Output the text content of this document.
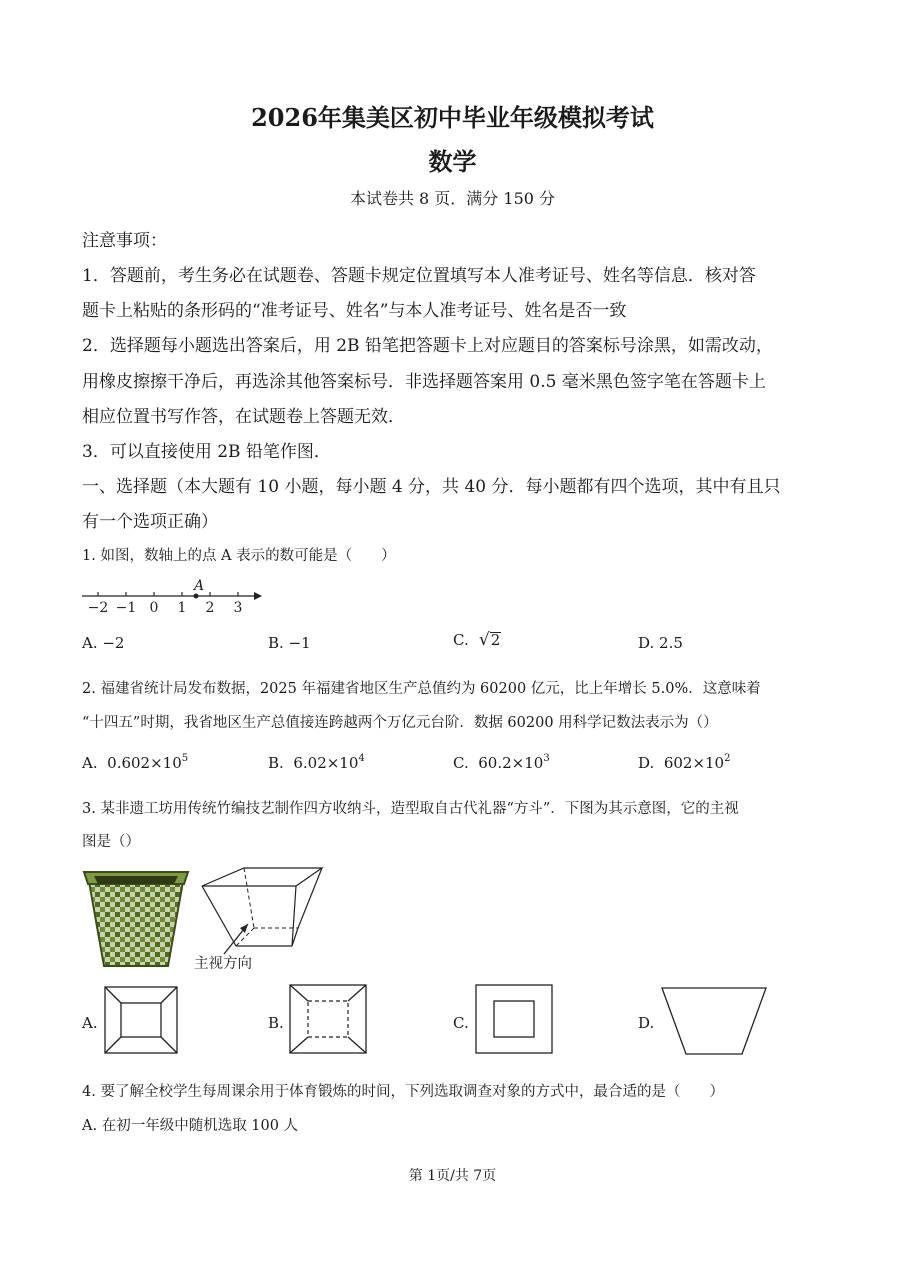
2026年集美区初中毕业年级模拟考试
数学
本试卷共 8 页．满分 150 分
注意事项：
1．答题前，考生务必在试题卷、答题卡规定位置填写本人准考证号、姓名等信息．核对答
题卡上粘贴的条形码的“准考证号、姓名”与本人准考证号、姓名是否一致
2．选择题每小题选出答案后，用 2B 铅笔把答题卡上对应题目的答案标号涂黑，如需改动，
用橡皮擦擦干净后，再选涂其他答案标号．非选择题答案用 0.5 毫米黑色签字笔在答题卡上
相应位置书写作答，在试题卷上答题无效．
3．可以直接使用 2B 铅笔作图．
一、选择题（本大题有 10 小题，每小题 4 分，共 40 分．每小题都有四个选项，其中有且只
有一个选项正确）
1. 如图，数轴上的点 A 表示的数可能是（　　）
−2 −1 0 1 2 3
A
A. −2	B. −1	C.  √2	D. 2.5
2. 福建省统计局发布数据，2025 年福建省地区生产总值约为 60200 亿元，比上年增长 5.0%．这意味着
“十四五”时期，我省地区生产总值接连跨越两个万亿元台阶．数据 60200 用科学记数法表示为（）
A. $0.602\times 10^5$	B. $6.02\times 10^4$	C. $60.2\times 10^3$	D. $602\times 10^2$
3. 某非遗工坊用传统竹编技艺制作四方收纳斗，造型取自古代礼器“方斗”．下图为其示意图，它的主视
图是（）
主视方向
A.	B.	C.	D.
4. 要了解全校学生每周课余用于体育锻炼的时间，下列选取调查对象的方式中，最合适的是（　　）
A. 在初一年级中随机选取 100 人
第 1页/共 7页
